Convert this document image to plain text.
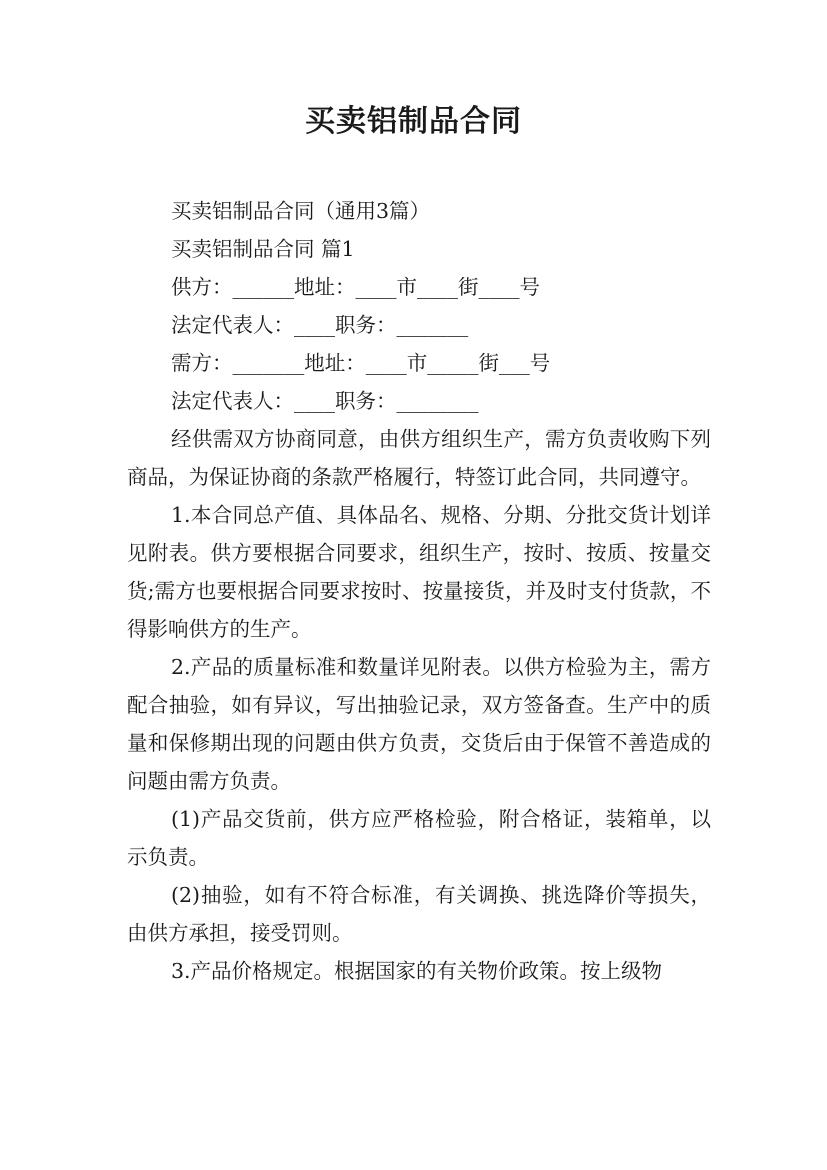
买卖铝制品合同

买卖铝制品合同（通用3篇）

买卖铝制品合同 篇1

供方：______地址：____市____街____号

法定代表人：____职务：_______

需方：_______地址：____市_____街___号

法定代表人：____职务：________

经供需双方协商同意，由供方组织生产，需方负责收购下列商品，为保证协商的条款严格履行，特签订此合同，共同遵守。

1.本合同总产值、具体品名、规格、分期、分批交货计划详见附表。供方要根据合同要求，组织生产，按时、按质、按量交货;需方也要根据合同要求按时、按量接货，并及时支付货款，不得影响供方的生产。

2.产品的质量标准和数量详见附表。以供方检验为主，需方配合抽验，如有异议，写出抽验记录，双方签备查。生产中的质量和保修期出现的问题由供方负责，交货后由于保管不善造成的问题由需方负责。

(1)产品交货前，供方应严格检验，附合格证，装箱单，以示负责。

(2)抽验，如有不符合标准，有关调换、挑选降价等损失，由供方承担，接受罚则。

3.产品价格规定。根据国家的有关物价政策。按上级物
